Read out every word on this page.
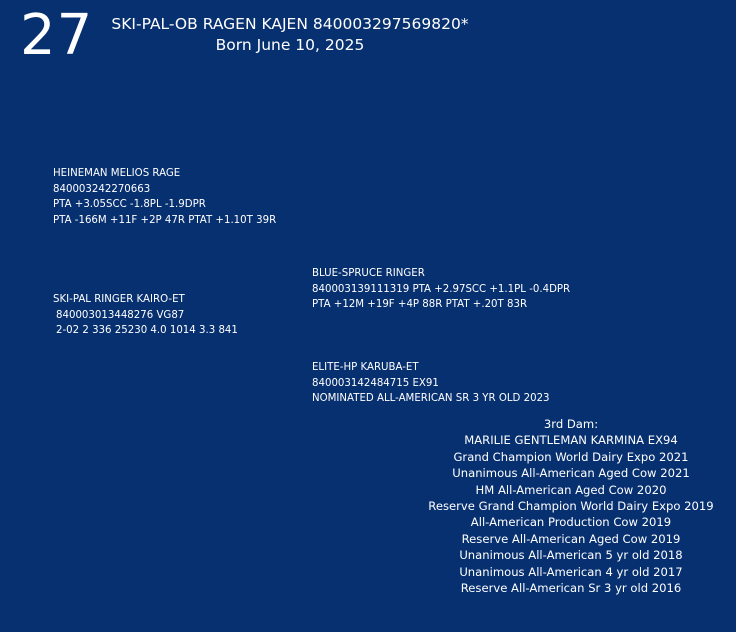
27	SKI-PAL-OB RAGEN KAJEN 840003297569820*
Born June 10, 2025
HEINEMAN MELIOS RAGE
840003242270663
PTA +3.05SCC -1.8PL -1.9DPR
PTA -166M +11F +2P 47R PTAT +1.10T 39R
SKI-PAL RINGER KAIRO-ET
840003013448276 VG87
2-02 2 336 25230 4.0 1014 3.3 841
BLUE-SPRUCE RINGER
840003139111319 PTA +2.97SCC +1.1PL -0.4DPR
PTA +12M +19F +4P 88R PTAT +.20T 83R
ELITE-HP KARUBA-ET
840003142484715 EX91
NOMINATED ALL-AMERICAN SR 3 YR OLD 2023
3rd Dam:
MARILIE GENTLEMAN KARMINA EX94
Grand Champion World Dairy Expo 2021
Unanimous All-American Aged Cow 2021
HM All-American Aged Cow 2020
Reserve Grand Champion World Dairy Expo 2019
All-American Production Cow 2019
Reserve All-American Aged Cow 2019
Unanimous All-American 5 yr old 2018
Unanimous All-American 4 yr old 2017
Reserve All-American Sr 3 yr old 2016
